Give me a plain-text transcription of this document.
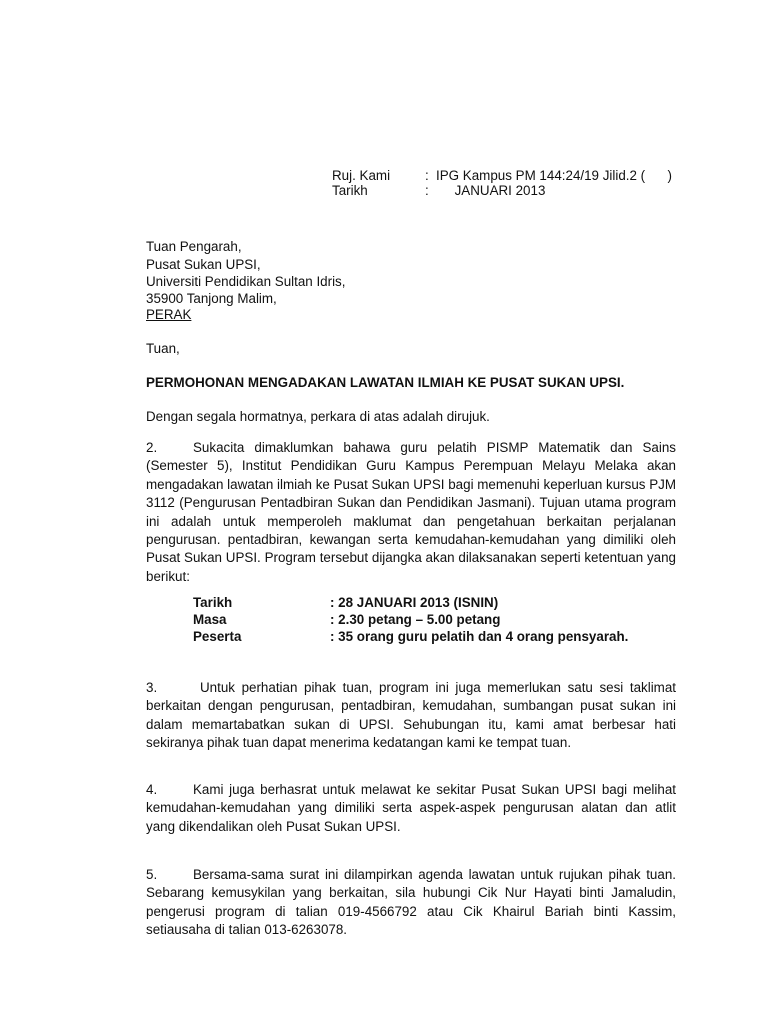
Ruj. Kami	: IPG Kampus PM 144:24/19 Jilid.2 (      )
Tarikh	: JANUARI 2013
Tuan Pengarah,
Pusat Sukan UPSI,
Universiti Pendidikan Sultan Idris,
35900 Tanjong Malim,
PERAK
Tuan,
PERMOHONAN MENGADAKAN LAWATAN ILMIAH KE PUSAT SUKAN UPSI.
Dengan segala hormatnya, perkara di atas adalah dirujuk.
2.	Sukacita dimaklumkan bahawa guru pelatih PISMP Matematik dan Sains (Semester 5), Institut Pendidikan Guru Kampus Perempuan Melayu Melaka akan mengadakan lawatan ilmiah ke Pusat Sukan UPSI bagi memenuhi keperluan kursus PJM 3112 (Pengurusan Pentadbiran Sukan dan Pendidikan Jasmani). Tujuan utama program ini adalah untuk memperoleh maklumat dan pengetahuan berkaitan perjalanan pengurusan. pentadbiran, kewangan serta kemudahan-kemudahan yang dimiliki oleh Pusat Sukan UPSI. Program tersebut dijangka akan dilaksanakan seperti ketentuan yang berikut:
Tarikh	: 28 JANUARI 2013 (ISNIN)
Masa	: 2.30 petang – 5.00 petang
Peserta	: 35 orang guru pelatih dan 4 orang pensyarah.
3.	Untuk perhatian pihak tuan, program ini juga memerlukan satu sesi taklimat berkaitan dengan pengurusan, pentadbiran, kemudahan, sumbangan pusat sukan ini dalam memartabatkan sukan di UPSI. Sehubungan itu, kami amat berbesar hati sekiranya pihak tuan dapat menerima kedatangan kami ke tempat tuan.
4.	Kami juga berhasrat untuk melawat ke sekitar Pusat Sukan UPSI bagi melihat kemudahan-kemudahan yang dimiliki serta aspek-aspek pengurusan alatan dan atlit yang dikendalikan oleh Pusat Sukan UPSI.
5.	Bersama-sama surat ini dilampirkan agenda lawatan untuk rujukan pihak tuan. Sebarang kemusykilan yang berkaitan, sila hubungi Cik Nur Hayati binti Jamaludin, pengerusi program di talian 019-4566792 atau Cik Khairul Bariah binti Kassim, setiausaha di talian 013-6263078.
